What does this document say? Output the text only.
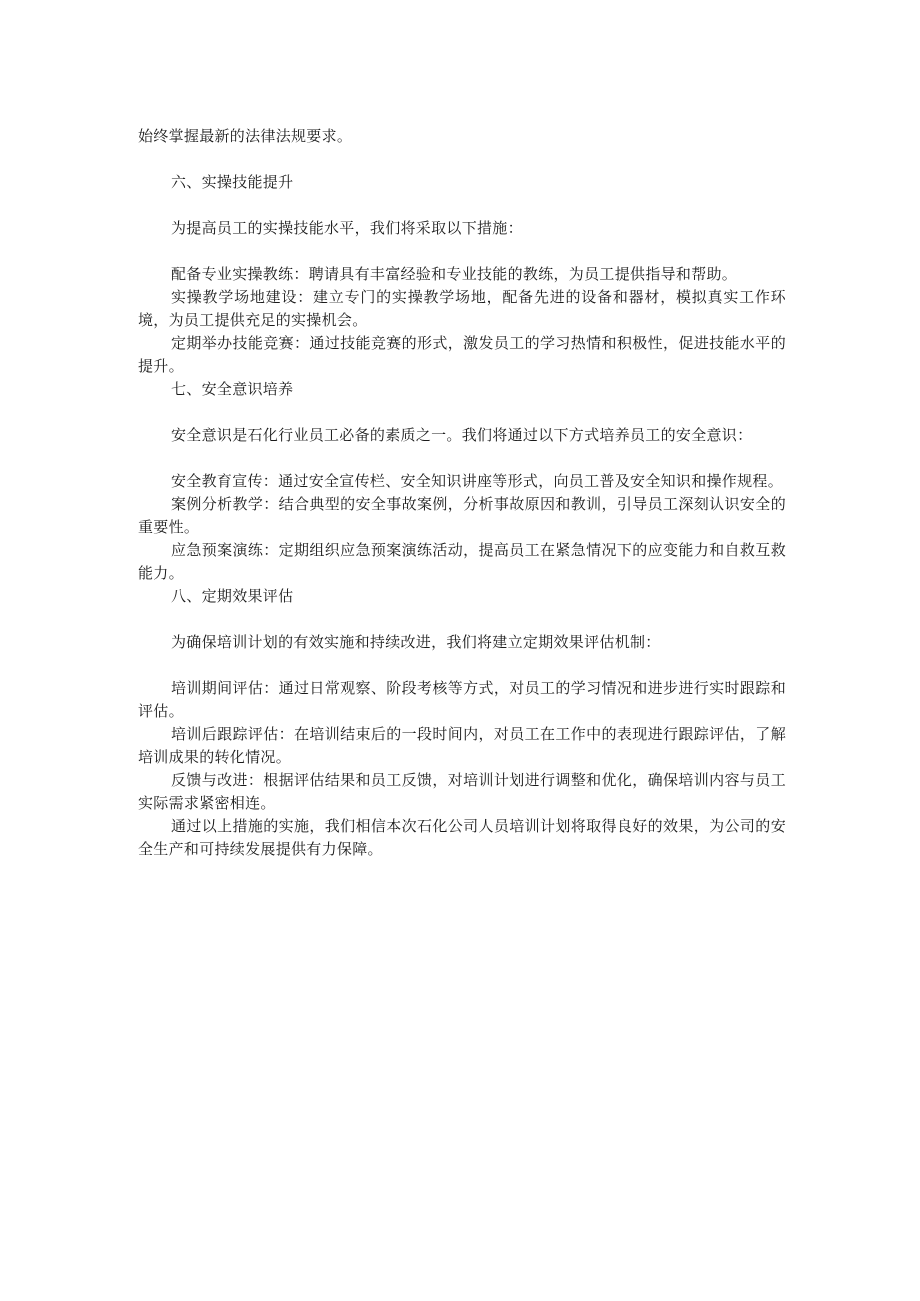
始终掌握最新的法律法规要求。

六、实操技能提升

为提高员工的实操技能水平，我们将采取以下措施：

配备专业实操教练：聘请具有丰富经验和专业技能的教练，为员工提供指导和帮助。

实操教学场地建设：建立专门的实操教学场地，配备先进的设备和器材，模拟真实工作环境，为员工提供充足的实操机会。

定期举办技能竞赛：通过技能竞赛的形式，激发员工的学习热情和积极性，促进技能水平的提升。

七、安全意识培养

安全意识是石化行业员工必备的素质之一。我们将通过以下方式培养员工的安全意识：

安全教育宣传：通过安全宣传栏、安全知识讲座等形式，向员工普及安全知识和操作规程。

案例分析教学：结合典型的安全事故案例，分析事故原因和教训，引导员工深刻认识安全的重要性。

应急预案演练：定期组织应急预案演练活动，提高员工在紧急情况下的应变能力和自救互救能力。

八、定期效果评估

为确保培训计划的有效实施和持续改进，我们将建立定期效果评估机制：

培训期间评估：通过日常观察、阶段考核等方式，对员工的学习情况和进步进行实时跟踪和评估。

培训后跟踪评估：在培训结束后的一段时间内，对员工在工作中的表现进行跟踪评估，了解培训成果的转化情况。

反馈与改进：根据评估结果和员工反馈，对培训计划进行调整和优化，确保培训内容与员工实际需求紧密相连。

通过以上措施的实施，我们相信本次石化公司人员培训计划将取得良好的效果，为公司的安全生产和可持续发展提供有力保障。
